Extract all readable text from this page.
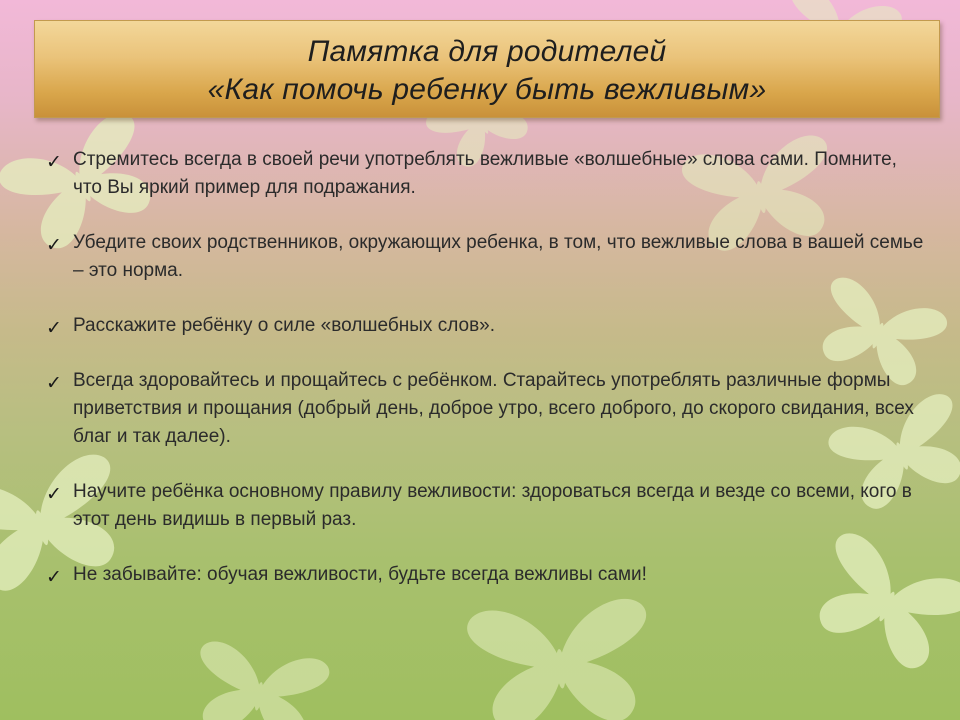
Памятка для родителей
«Как помочь ребенку быть вежливым»

✓ Стремитесь всегда в своей речи употреблять вежливые «волшебные» слова сами. Помните, что Вы яркий пример для подражания.

✓ Убедите своих родственников, окружающих ребенка, в том, что вежливые слова в вашей семье – это норма.

✓ Расскажите ребёнку о силе «волшебных слов».

✓ Всегда здоровайтесь и прощайтесь с ребёнком. Старайтесь употреблять различные формы приветствия и прощания (добрый день, доброе утро, всего доброго, до скорого свидания, всех благ и так далее).

✓ Научите ребёнка основному правилу вежливости: здороваться всегда и везде со всеми, кого в этот день видишь в первый раз.

✓ Не забывайте: обучая вежливости, будьте всегда вежливы сами!
